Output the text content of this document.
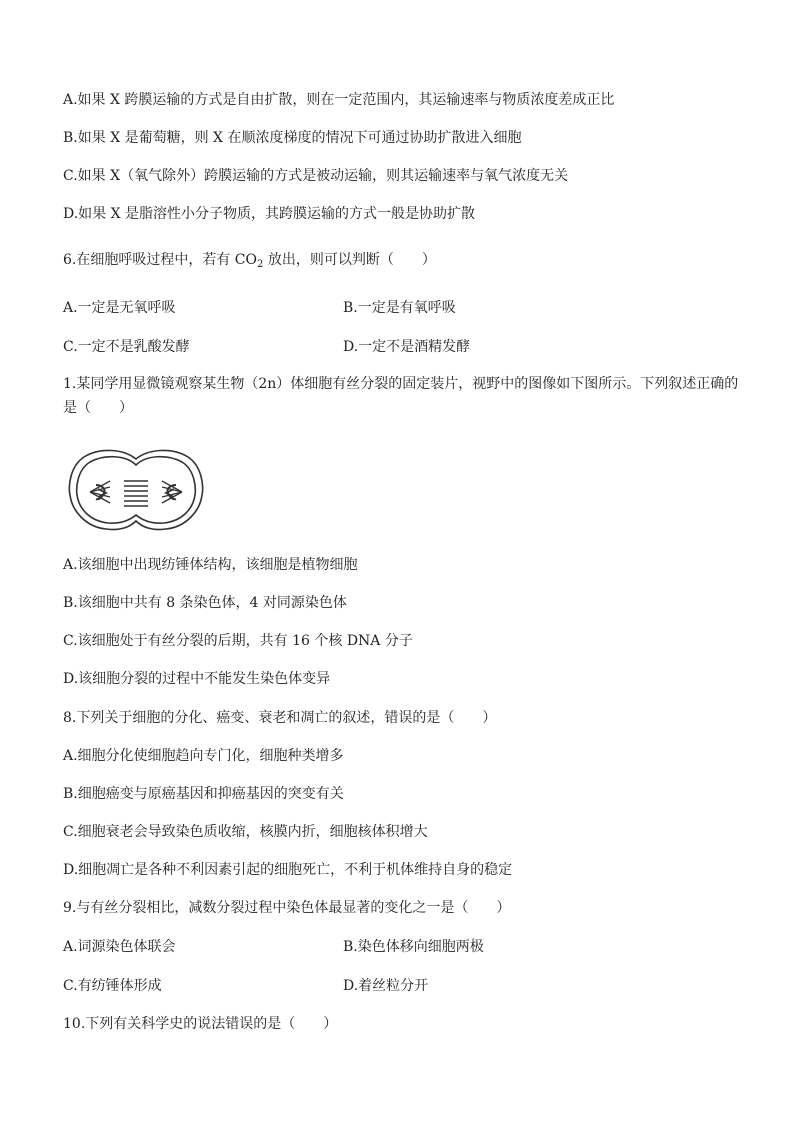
A.如果 X 跨膜运输的方式是自由扩散，则在一定范围内，其运输速率与物质浓度差成正比
B.如果 X 是葡萄糖，则 X 在顺浓度梯度的情况下可通过协助扩散进入细胞
C.如果 X（氧气除外）跨膜运输的方式是被动运输，则其运输速率与氧气浓度无关
D.如果 X 是脂溶性小分子物质，其跨膜运输的方式一般是协助扩散
6.在细胞呼吸过程中，若有 $CO_2$ 放出，则可以判断（　　）
A.一定是无氧呼吸	B.一定是有氧呼吸
C.一定不是乳酸发酵	D.一定不是酒精发酵
1.某同学用显微镜观察某生物（2n）体细胞有丝分裂的固定装片，视野中的图像如下图所示。下列叙述正确的
是（　　）
A.该细胞中出现纺锤体结构，该细胞是植物细胞
B.该细胞中共有 8 条染色体，4 对同源染色体
C.该细胞处于有丝分裂的后期，共有 16 个核 DNA 分子
D.该细胞分裂的过程中不能发生染色体变异
8.下列关于细胞的分化、癌变、衰老和凋亡的叙述，错误的是（　　）
A.细胞分化使细胞趋向专门化，细胞种类增多
B.细胞癌变与原癌基因和抑癌基因的突变有关
C.细胞衰老会导致染色质收缩，核膜内折，细胞核体积增大
D.细胞凋亡是各种不利因素引起的细胞死亡，不利于机体维持自身的稳定
9.与有丝分裂相比，减数分裂过程中染色体最显著的变化之一是（　　）
A.词源染色体联会	B.染色体移向细胞两极
C.有纺锤体形成	D.着丝粒分开
10.下列有关科学史的说法错误的是（　　）
